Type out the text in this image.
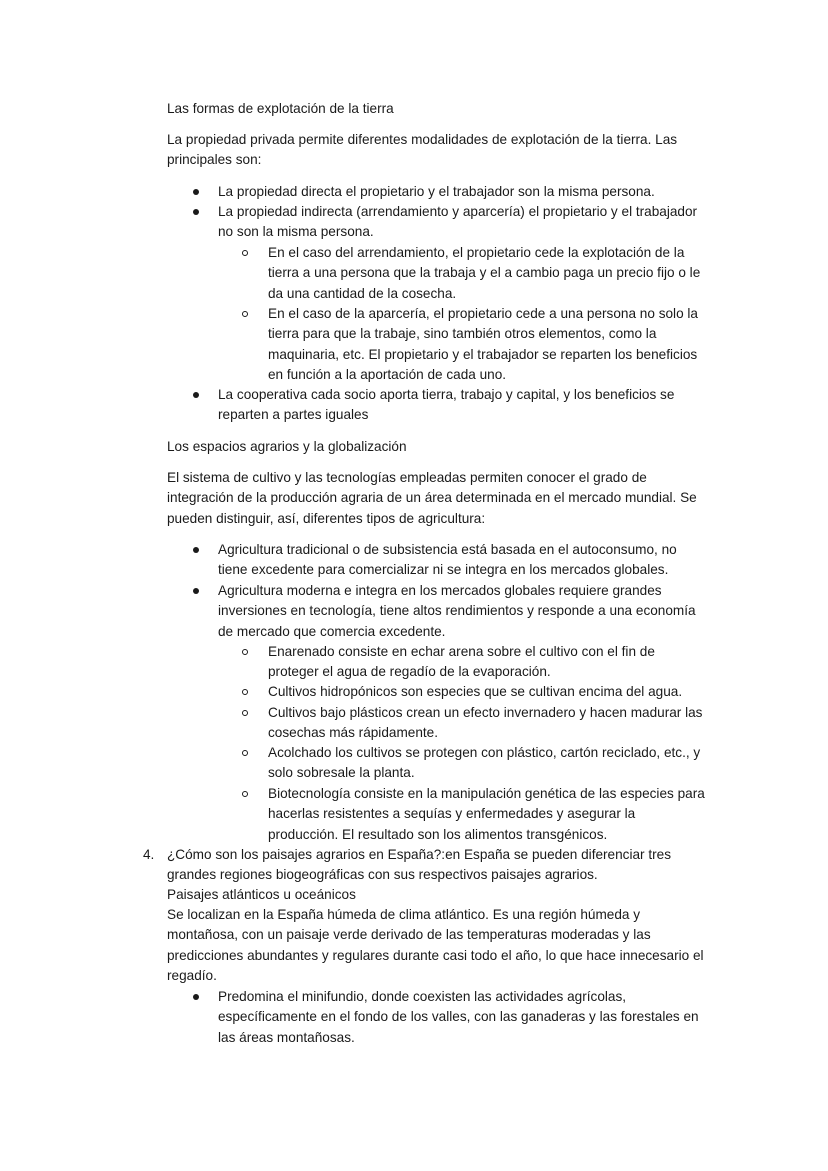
Las formas de explotación de la tierra
La propiedad privada permite diferentes modalidades de explotación de la tierra. Las principales son:
La propiedad directa el propietario y el trabajador son la misma persona.
La propiedad indirecta (arrendamiento y aparcería) el propietario y el trabajador no son la misma persona.
En el caso del arrendamiento, el propietario cede la explotación de la tierra a una persona que la trabaja y el a cambio paga un precio fijo o le da una cantidad de la cosecha.
En el caso de la aparcería, el propietario cede a una persona no solo la tierra para que la trabaje, sino también otros elementos, como la maquinaria, etc. El propietario y el trabajador se reparten los beneficios en función a la aportación de cada uno.
La cooperativa cada socio aporta tierra, trabajo y capital, y los beneficios se reparten a partes iguales
Los espacios agrarios y la globalización
El sistema de cultivo y las tecnologías empleadas permiten conocer el grado de integración de la producción agraria de un área determinada en el mercado mundial. Se pueden distinguir, así, diferentes tipos de agricultura:
Agricultura tradicional o de subsistencia está basada en el autoconsumo, no tiene excedente para comercializar ni se integra en los mercados globales.
Agricultura moderna e integra en los mercados globales requiere grandes inversiones en tecnología, tiene altos rendimientos y responde a una economía de mercado que comercia excedente.
Enarenado consiste en echar arena sobre el cultivo con el fin de proteger el agua de regadío de la evaporación.
Cultivos hidropónicos son especies que se cultivan encima del agua.
Cultivos bajo plásticos crean un efecto invernadero y hacen madurar las cosechas más rápidamente.
Acolchado los cultivos se protegen con plástico, cartón reciclado, etc., y solo sobresale la planta.
Biotecnología consiste en la manipulación genética de las especies para hacerlas resistentes a sequías y enfermedades y asegurar la producción. El resultado son los alimentos transgénicos.
4. ¿Cómo son los paisajes agrarios en España?:en España se pueden diferenciar tres grandes regiones biogeográficas con sus respectivos paisajes agrarios.
Paisajes atlánticos u oceánicos
Se localizan en la España húmeda de clima atlántico. Es una región húmeda y montañosa, con un paisaje verde derivado de las temperaturas moderadas y las predicciones abundantes y regulares durante casi todo el año, lo que hace innecesario el regadío.
Predomina el minifundio, donde coexisten las actividades agrícolas, específicamente en el fondo de los valles, con las ganaderas y las forestales en las áreas montañosas.
